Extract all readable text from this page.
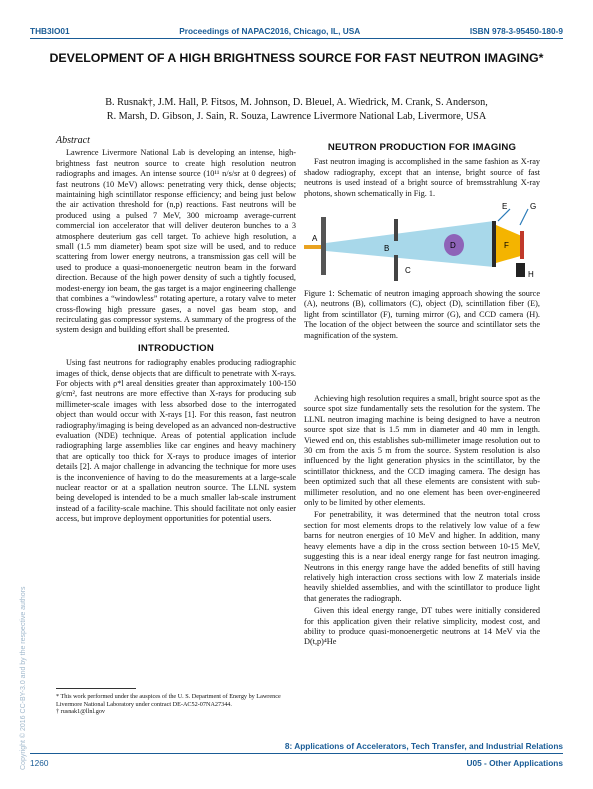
THB3IO01	Proceedings of NAPAC2016, Chicago, IL, USA	ISBN 978-3-95450-180-9
DEVELOPMENT OF A HIGH BRIGHTNESS SOURCE FOR FAST NEUTRON IMAGING*
B. Rusnak†, J.M. Hall, P. Fitsos, M. Johnson, D. Bleuel, A. Wiedrick, M. Crank, S. Anderson,
R. Marsh, D. Gibson, J. Sain, R. Souza, Lawrence Livermore National Lab, Livermore, USA
Abstract

Lawrence Livermore National Lab is developing an intense, high-brightness fast neutron source to create high resolution neutron radiographs and images. An intense source (10¹¹ n/s/sr at 0 degrees) of fast neutrons (10 MeV) allows: penetrating very thick, dense objects; maintaining high scintillator response efficiency; and being just below the air activation threshold for (n,p) reactions. Fast neutrons will be produced using a pulsed 7 MeV, 300 microamp average-current commercial ion accelerator that will deliver deuteron bunches to a 3 atmosphere deuterium gas cell target. To achieve high resolution, a small (1.5 mm diameter) beam spot size will be used, and to reduce scattering from lower energy neutrons, a transmission gas cell will be used to produce a quasi-monoenergetic neutron beam in the forward direction. Because of the high power density of such a tightly focused, modest-energy ion beam, the gas target is a major engineering challenge that combines a “windowless” rotating aperture, a rotary valve to meter cross-flowing high pressure gases, a novel gas beam stop, and recirculating gas compressor systems. A summary of the progress of the system design and building effort shall be presented.

INTRODUCTION

Using fast neutrons for radiography enables producing radiographic images of thick, dense objects that are difficult to penetrate with X-rays. For objects with ρ*l areal densities greater than approximately 100-150 g/cm², fast neutrons are more effective than X-rays for producing sub millimeter-scale images with less absorbed dose to the interrogated object than would occur with X-rays [1]. For this reason, fast neutron radiography/imaging is being developed as an advanced non-destructive evaluation (NDE) technique. Areas of potential application include radiographing large assemblies like car engines and heavy machinery that are optically too thick for X-rays to produce images of interior details [2]. A major challenge in advancing the technique for more uses is the inconvenience of having to do the measurements at a large-scale nuclear reactor or at a spallation neutron source. The LLNL system being developed is intended to be a much smaller lab-scale instrument instead of a facility-scale machine. This should facilitate not only easier access, but improve deployment opportunities for potential users.

NEUTRON PRODUCTION FOR IMAGING

Fast neutron imaging is accomplished in the same fashion as X-ray shadow radiography, except that an intense, bright source of fast neutrons is used instead of a bright source of bremsstrahlung X-ray photons, shown schematically in Fig. 1.

A
B
C
D
E
F
G
H

Figure 1: Schematic of neutron imaging approach showing the source (A), neutrons (B), collimators (C), object (D), scintillation fiber (E), light from scintillator (F), turning mirror (G), and CCD camera (H). The location of the object between the source and scintillator sets the magnification of the system.

Achieving high resolution requires a small, bright source spot as the source spot size fundamentally sets the resolution for the system. The LLNL neutron imaging machine is being designed to have a neutron source spot size that is 1.5 mm in diameter and 40 mm in length. Viewed end on, this establishes sub-millimeter image resolution out to 30 cm from the axis 5 m from the source. System resolution is also influenced by the light generation physics in the scintillator, by the scintillator thickness, and the CCD imaging camera. The design has been optimized such that all these elements are consistent with sub-millimeter resolution, and no one element has been over-engineered only to be limited by other elements.

For penetrability, it was determined that the neutron total cross section for most elements drops to the relatively low value of a few barns for neutron energies of 10 MeV and higher. In addition, many heavy elements have a dip in the cross section between 10-15 MeV, suggesting this is a near ideal energy range for fast neutron imaging. Neutrons in this energy range have the added benefits of still having relatively high interaction cross sections with low Z materials inside heavily shielded assemblies, and with the scintillator to produce light that generates the radiograph.

Given this ideal energy range, DT tubes were initially considered for this application given their relative simplicity, modest cost, and ability to produce quasi-monoenergetic neutrons at 14 MeV via the D(t,p)⁴He

* This work performed under the auspices of the U. S. Department of Energy by Lawrence Livermore National Laboratory under contract DE-AC52-07NA27344.
† rusnak1@llnl.gov
Copyright © 2016 CC-BY-3.0 and by the respective authors	8: Applications of Accelerators, Tech Transfer, and Industrial Relations
1260	U05 - Other Applications
